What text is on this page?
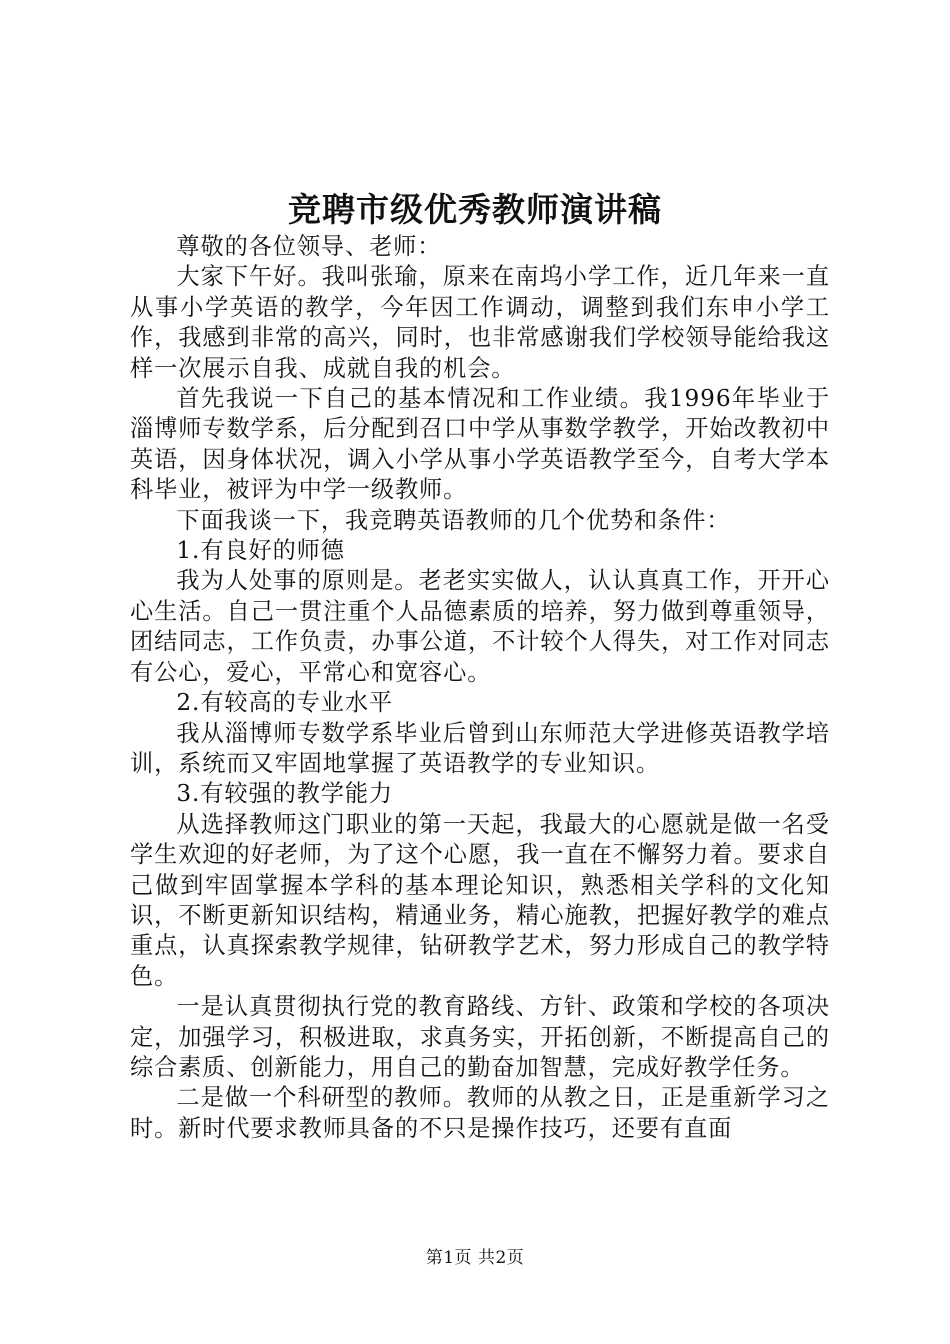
竞聘市级优秀教师演讲稿

尊敬的各位领导、老师：

大家下午好。我叫张瑜，原来在南坞小学工作，近几年来一直从事小学英语的教学，今年因工作调动，调整到我们东申小学工作，我感到非常的高兴，同时，也非常感谢我们学校领导能给我这样一次展示自我、成就自我的机会。

首先我说一下自己的基本情况和工作业绩。我1996年毕业于淄博师专数学系，后分配到召口中学从事数学教学，开始改教初中英语，因身体状况，调入小学从事小学英语教学至今，自考大学本科毕业，被评为中学一级教师。

下面我谈一下，我竞聘英语教师的几个优势和条件：

1.有良好的师德

我为人处事的原则是。老老实实做人，认认真真工作，开开心心生活。自己一贯注重个人品德素质的培养，努力做到尊重领导，团结同志，工作负责，办事公道，不计较个人得失，对工作对同志有公心，爱心，平常心和宽容心。

2.有较高的专业水平

我从淄博师专数学系毕业后曾到山东师范大学进修英语教学培训，系统而又牢固地掌握了英语教学的专业知识。

3.有较强的教学能力

从选择教师这门职业的第一天起，我最大的心愿就是做一名受学生欢迎的好老师，为了这个心愿，我一直在不懈努力着。要求自己做到牢固掌握本学科的基本理论知识，熟悉相关学科的文化知识，不断更新知识结构，精通业务，精心施教，把握好教学的难点重点，认真探索教学规律，钻研教学艺术，努力形成自己的教学特色。

一是认真贯彻执行党的教育路线、方针、政策和学校的各项决定，加强学习，积极进取，求真务实，开拓创新，不断提高自己的综合素质、创新能力，用自己的勤奋加智慧，完成好教学任务。

二是做一个科研型的教师。教师的从教之日，正是重新学习之时。新时代要求教师具备的不只是操作技巧，还要有直面

第1页 共2页
